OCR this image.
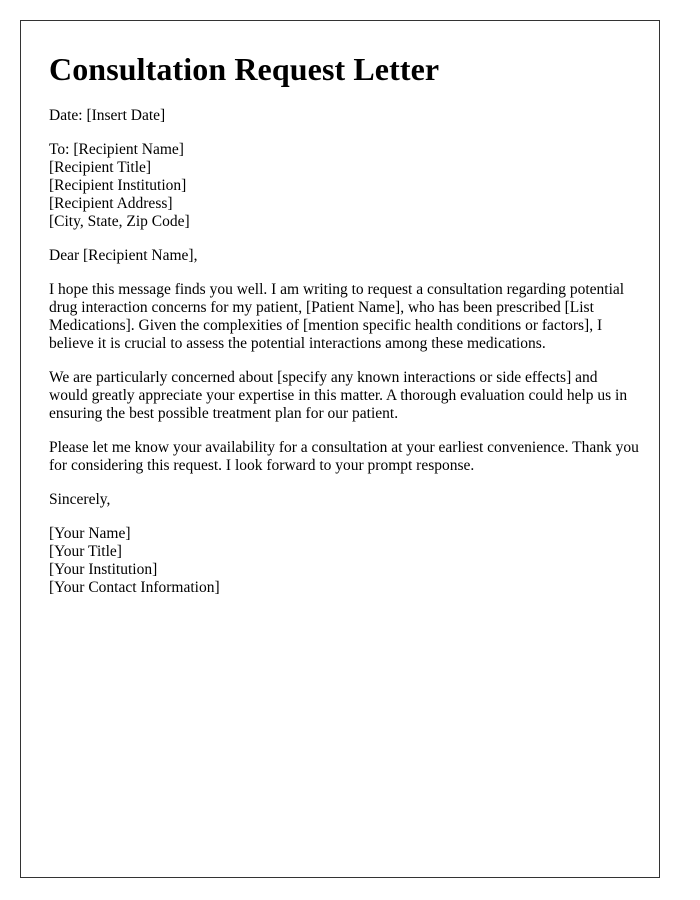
Consultation Request Letter

Date: [Insert Date]

To: [Recipient Name]
[Recipient Title]
[Recipient Institution]
[Recipient Address]
[City, State, Zip Code]

Dear [Recipient Name],

I hope this message finds you well. I am writing to request a consultation regarding potential drug interaction concerns for my patient, [Patient Name], who has been prescribed [List Medications]. Given the complexities of [mention specific health conditions or factors], I believe it is crucial to assess the potential interactions among these medications.

We are particularly concerned about [specify any known interactions or side effects] and would greatly appreciate your expertise in this matter. A thorough evaluation could help us in ensuring the best possible treatment plan for our patient.

Please let me know your availability for a consultation at your earliest convenience. Thank you for considering this request. I look forward to your prompt response.

Sincerely,

[Your Name]
[Your Title]
[Your Institution]
[Your Contact Information]
